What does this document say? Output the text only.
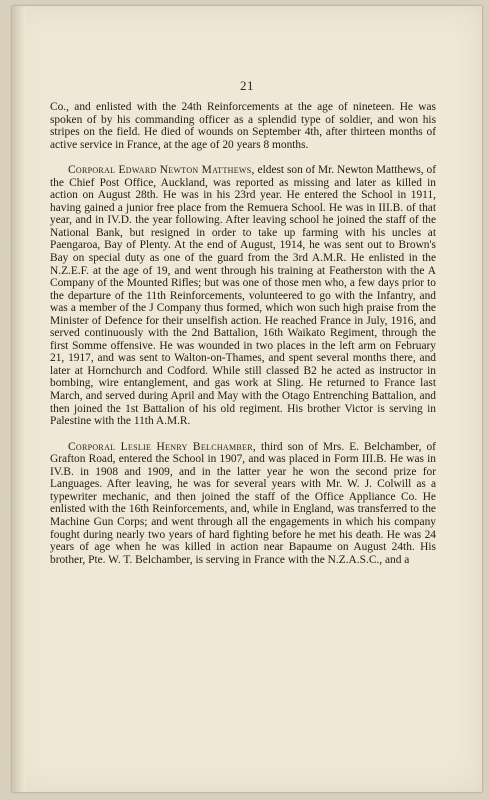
21

Co., and enlisted with the 24th Reinforcements at the age of nineteen. He was spoken of by his commanding officer as a splendid type of soldier, and won his stripes on the field. He died of wounds on September 4th, after thirteen months of active service in France, at the age of 20 years 8 months.

Corporal Edward Newton Matthews, eldest son of Mr. Newton Matthews, of the Chief Post Office, Auckland, was reported as missing and later as killed in action on August 28th. He was in his 23rd year. He entered the School in 1911, having gained a junior free place from the Remuera School. He was in III.B. of that year, and in IV.D. the year following. After leaving school he joined the staff of the National Bank, but resigned in order to take up farming with his uncles at Paengaroa, Bay of Plenty. At the end of August, 1914, he was sent out to Brown's Bay on special duty as one of the guard from the 3rd A.M.R. He enlisted in the N.Z.E.F. at the age of 19, and went through his training at Featherston with the A Company of the Mounted Rifles; but was one of those men who, a few days prior to the departure of the 11th Reinforcements, volunteered to go with the Infantry, and was a member of the J Company thus formed, which won such high praise from the Minister of Defence for their unselfish action. He reached France in July, 1916, and served continuously with the 2nd Battalion, 16th Waikato Regiment, through the first Somme offensive. He was wounded in two places in the left arm on February 21, 1917, and was sent to Walton-on-Thames, and spent several months there, and later at Hornchurch and Codford. While still classed B2 he acted as instructor in bombing, wire entanglement, and gas work at Sling. He returned to France last March, and served during April and May with the Otago Entrenching Battalion, and then joined the 1st Battalion of his old regiment. His brother Victor is serving in Palestine with the 11th A.M.R.

Corporal Leslie Henry Belchamber, third son of Mrs. E. Belchamber, of Grafton Road, entered the School in 1907, and was placed in Form III.B. He was in IV.B. in 1908 and 1909, and in the latter year he won the second prize for Languages. After leaving, he was for several years with Mr. W. J. Colwill as a typewriter mechanic, and then joined the staff of the Office Appliance Co. He enlisted with the 16th Reinforcements, and, while in England, was transferred to the Machine Gun Corps; and went through all the engagements in which his company fought during nearly two years of hard fighting before he met his death. He was 24 years of age when he was killed in action near Bapaume on August 24th. His brother, Pte. W. T. Belchamber, is serving in France with the N.Z.A.S.C., and a
